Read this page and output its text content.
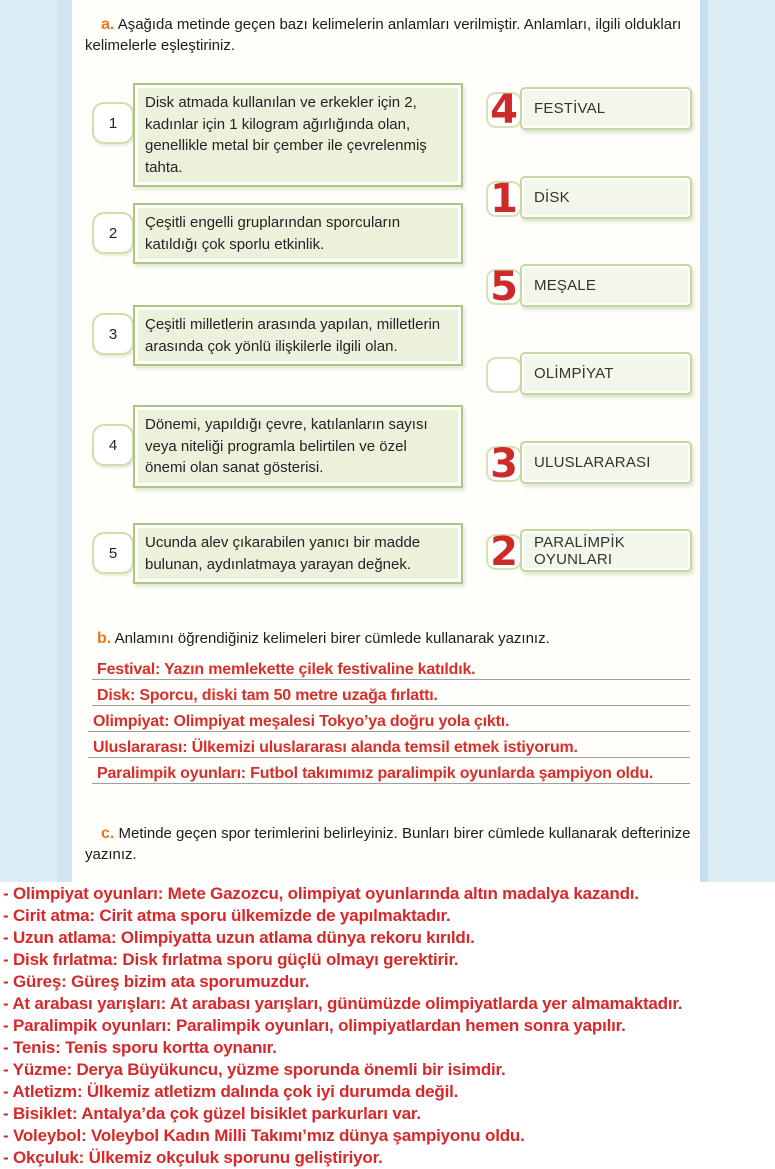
a. Aşağıda metinde geçen bazı kelimelerin anlamları verilmiştir. Anlamları, ilgili oldukları kelimelerle eşleştiriniz.
1
Disk atmada kullanılan ve erkekler için 2, kadınlar için 1 kilogram ağırlığında olan, genellikle metal bir çember ile çevrelenmiş tahta.
2
Çeşitli engelli gruplarından sporcuların katıldığı çok sporlu etkinlik.
3
Çeşitli milletlerin arasında yapılan, milletlerin arasında çok yönlü ilişkilerle ilgili olan.
4
Dönemi, yapıldığı çevre, katılanların sayısı veya niteliği programla belirtilen ve özel önemi olan sanat gösterisi.
5
Ucunda alev çıkarabilen yanıcı bir madde bulunan, aydınlatmaya yarayan değnek.
4 FESTİVAL
1 DİSK
5 MEŞALE
OLİMPİYAT
3 ULUSLARARASI
2 PARALİMPİK OYUNLARI
b. Anlamını öğrendiğiniz kelimeleri birer cümlede kullanarak yazınız.
Festival: Yazın memlekette çilek festivaline katıldık.
Disk: Sporcu, diski tam 50 metre uzağa fırlattı.
Olimpiyat: Olimpiyat meşalesi Tokyo’ya doğru yola çıktı.
Uluslararası: Ülkemizi uluslararası alanda temsil etmek istiyorum.
Paralimpik oyunları: Futbol takımımız paralimpik oyunlarda şampiyon oldu.
c. Metinde geçen spor terimlerini belirleyiniz. Bunları birer cümlede kullanarak defterinize yazınız.
- Olimpiyat oyunları: Mete Gazozcu, olimpiyat oyunlarında altın madalya kazandı.
- Cirit atma: Cirit atma sporu ülkemizde de yapılmaktadır.
- Uzun atlama: Olimpiyatta uzun atlama dünya rekoru kırıldı.
- Disk fırlatma: Disk fırlatma sporu güçlü olmayı gerektirir.
- Güreş: Güreş bizim ata sporumuzdur.
- At arabası yarışları: At arabası yarışları, günümüzde olimpiyatlarda yer almamaktadır.
- Paralimpik oyunları: Paralimpik oyunları, olimpiyatlardan hemen sonra yapılır.
- Tenis: Tenis sporu kortta oynanır.
- Yüzme: Derya Büyükuncu, yüzme sporunda önemli bir isimdir.
- Atletizm: Ülkemiz atletizm dalında çok iyi durumda değil.
- Bisiklet: Antalya’da çok güzel bisiklet parkurları var.
- Voleybol: Voleybol Kadın Milli Takımı’mız dünya şampiyonu oldu.
- Okçuluk: Ülkemiz okçuluk sporunu geliştiriyor.
